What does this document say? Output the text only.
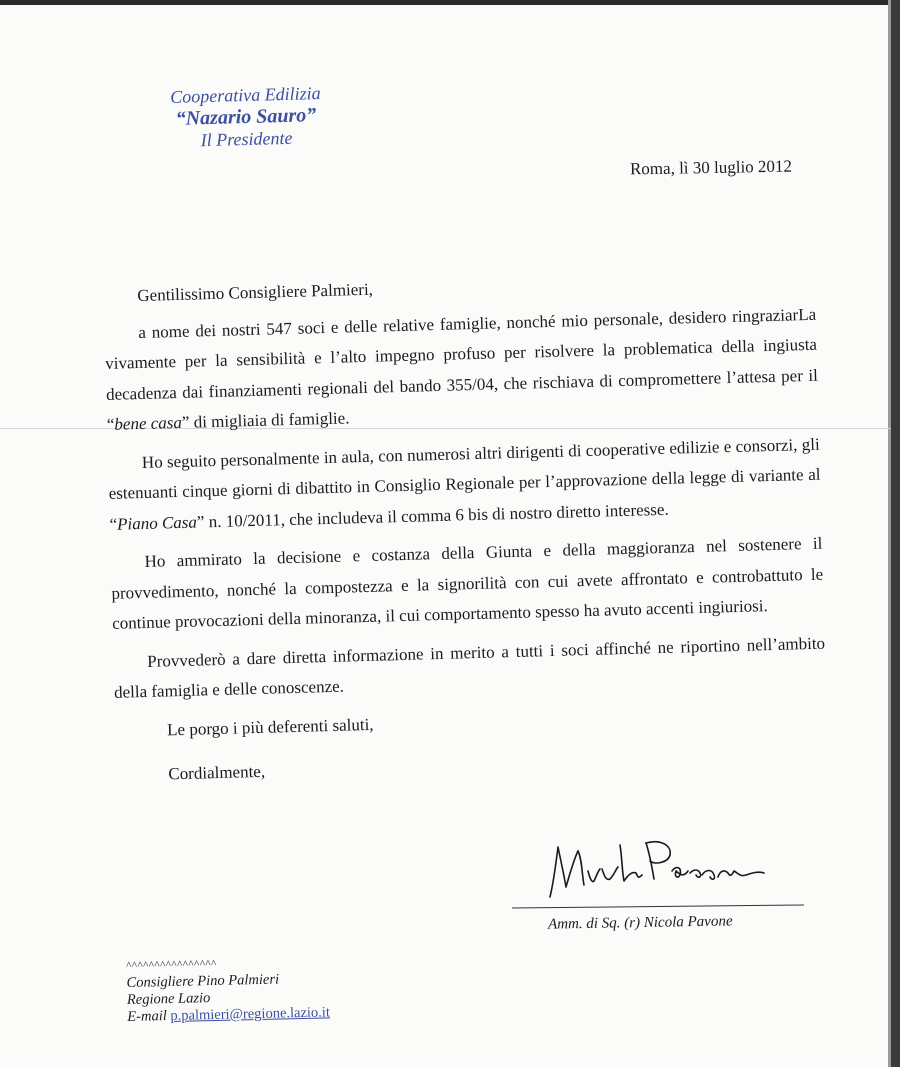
Cooperativa Edilizia
“Nazario Sauro”
Il Presidente
Roma, lì 30 luglio 2012

Gentilissimo Consigliere Palmieri,

a nome dei nostri 547 soci e delle relative famiglie, nonché mio personale, desidero ringraziarLa vivamente per la sensibilità e l’alto impegno profuso per risolvere la problematica della ingiusta decadenza dai finanziamenti regionali del bando 355/04, che rischiava di compromettere l’attesa per il “bene casa” di migliaia di famiglie.

Ho seguito personalmente in aula, con numerosi altri dirigenti di cooperative edilizie e consorzi, gli estenuanti cinque giorni di dibattito in Consiglio Regionale per l’approvazione della legge di variante al “Piano Casa” n. 10/2011, che includeva il comma 6 bis di nostro diretto interesse.

Ho ammirato la decisione e costanza della Giunta e della maggioranza nel sostenere il provvedimento, nonché la compostezza e la signorilità con cui avete affrontato e controbattuto le continue provocazioni della minoranza, il cui comportamento spesso ha avuto accenti ingiuriosi.

Provvederò a dare diretta informazione in merito a tutti i soci affinché ne riportino nell’ambito della famiglia e delle conoscenze.

Le porgo i più deferenti saluti,

Cordialmente,

Amm. di Sq. (r) Nicola Pavone
^^^^^^^^^^^^^^^^
Consigliere Pino Palmieri
Regione Lazio
E-mail p.palmieri@regione.lazio.it
